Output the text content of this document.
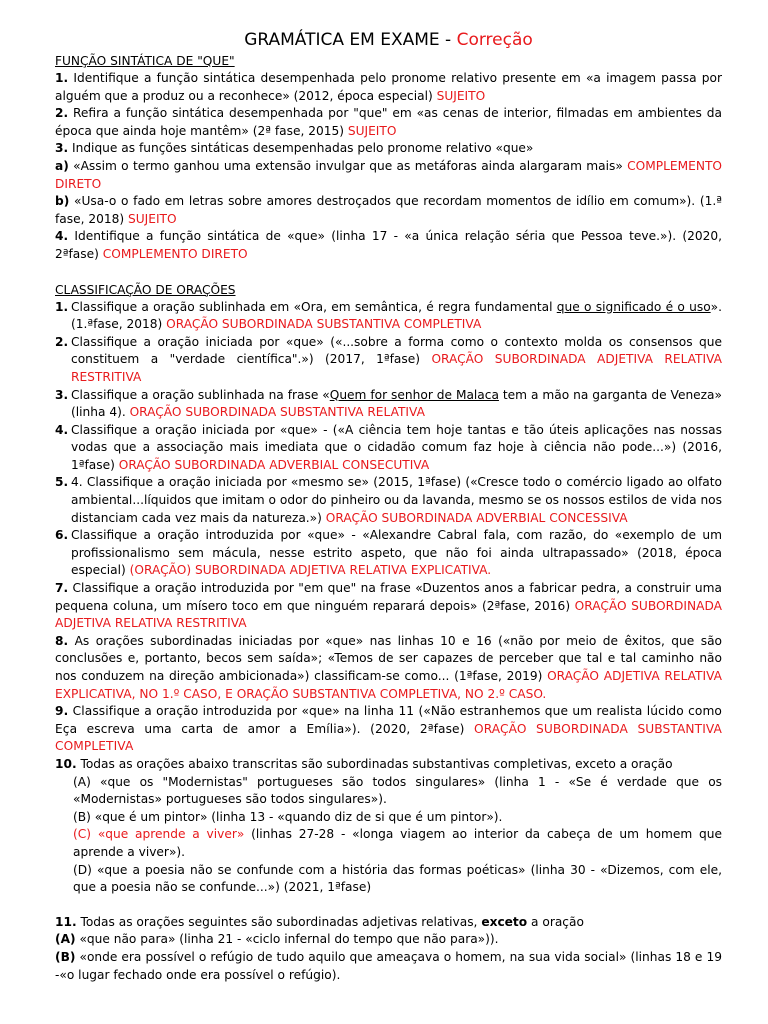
GRAMÁTICA EM EXAME - Correção
FUNÇÃO SINTÁTICA DE "QUE"

1. Identifique a função sintática desempenhada pelo pronome relativo presente em «a imagem passa por alguém que a produz ou a reconhece» (2012, época especial) SUJEITO

2. Refira a função sintática desempenhada por "que" em «as cenas de interior, filmadas em ambientes da época que ainda hoje mantêm» (2ª fase, 2015) SUJEITO

3. Indique as funções sintáticas desempenhadas pelo pronome relativo «que»

a) «Assim o termo ganhou uma extensão invulgar que as metáforas ainda alargaram mais» COMPLEMENTO DIRETO

b) «Usa-o o fado em letras sobre amores destroçados que recordam momentos de idílio em comum»). (1.ª fase, 2018) SUJEITO

4. Identifique a função sintática de «que» (linha 17 - «a única relação séria que Pessoa teve.»). (2020, 2ªfase) COMPLEMENTO DIRETO

CLASSIFICAÇÃO DE ORAÇÕES
1. Classifique a oração sublinhada em «Ora, em semântica, é regra fundamental que o significado é o uso». (1.ªfase, 2018) ORAÇÃO SUBORDINADA SUBSTANTIVA COMPLETIVA

2. Classifique a oração iniciada por «que» («...sobre a forma como o contexto molda os consensos que constituem a "verdade científica".») (2017, 1ªfase) ORAÇÃO SUBORDINADA ADJETIVA RELATIVA RESTRITIVA

3. Classifique a oração sublinhada na frase «Quem for senhor de Malaca tem a mão na garganta de Veneza» (linha 4). ORAÇÃO SUBORDINADA SUBSTANTIVA RELATIVA

4. Classifique a oração iniciada por «que» - («A ciência tem hoje tantas e tão úteis aplicações nas nossas vodas que a associação mais imediata que o cidadão comum faz hoje à ciência não pode...») (2016, 1ªfase) ORAÇÃO SUBORDINADA ADVERBIAL CONSECUTIVA

5. 4. Classifique a oração iniciada por «mesmo se» (2015, 1ªfase) («Cresce todo o comércio ligado ao olfato ambiental...líquidos que imitam o odor do pinheiro ou da lavanda, mesmo se os nossos estilos de vida nos distanciam cada vez mais da natureza.») ORAÇÃO SUBORDINADA ADVERBIAL CONCESSIVA

6. Classifique a oração introduzida por «que» - «Alexandre Cabral fala, com razão, do «exemplo de um profissionalismo sem mácula, nesse estrito aspeto, que não foi ainda ultrapassado» (2018, época especial) (ORAÇÃO) SUBORDINADA ADJETIVA RELATIVA EXPLICATIVA.

7. Classifique a oração introduzida por "em que" na frase «Duzentos anos a fabricar pedra, a construir uma pequena coluna, um mísero toco em que ninguém reparará depois» (2ªfase, 2016) ORAÇÃO SUBORDINADA ADJETIVA RELATIVA RESTRITIVA

8. As orações subordinadas iniciadas por «que» nas linhas 10 e 16 («não por meio de êxitos, que são conclusões e, portanto, becos sem saída»; «Temos de ser capazes de perceber que tal e tal caminho não nos conduzem na direção ambicionada») classificam-se como... (1ªfase, 2019) ORAÇÃO ADJETIVA RELATIVA EXPLICATIVA, NO 1.º CASO, E ORAÇÃO SUBSTANTIVA COMPLETIVA, NO 2.º CASO.

9. Classifique a oração introduzida por «que» na linha 11 («Não estranhemos que um realista lúcido como Eça escreva uma carta de amor a Emília»). (2020, 2ªfase) ORAÇÃO SUBORDINADA SUBSTANTIVA COMPLETIVA

10. Todas as orações abaixo transcritas são subordinadas substantivas completivas, exceto a oração

(A) «que os "Modernistas" portugueses são todos singulares» (linha 1 - «Se é verdade que os «Modernistas» portugueses são todos singulares»).

(B) «que é um pintor» (linha 13 - «quando diz de si que é um pintor»).

(C) «que aprende a viver» (linhas 27-28 - «longa viagem ao interior da cabeça de um homem que aprende a viver»).

(D) «que a poesia não se confunde com a história das formas poéticas» (linha 30 - «Dizemos, com ele, que a poesia não se confunde...») (2021, 1ªfase)

11. Todas as orações seguintes são subordinadas adjetivas relativas, exceto a oração

(A) «que não para» (linha 21 - «ciclo infernal do tempo que não para»)).

(B) «onde era possível o refúgio de tudo aquilo que ameaçava o homem, na sua vida social» (linhas 18 e 19 -«o lugar fechado onde era possível o refúgio).
